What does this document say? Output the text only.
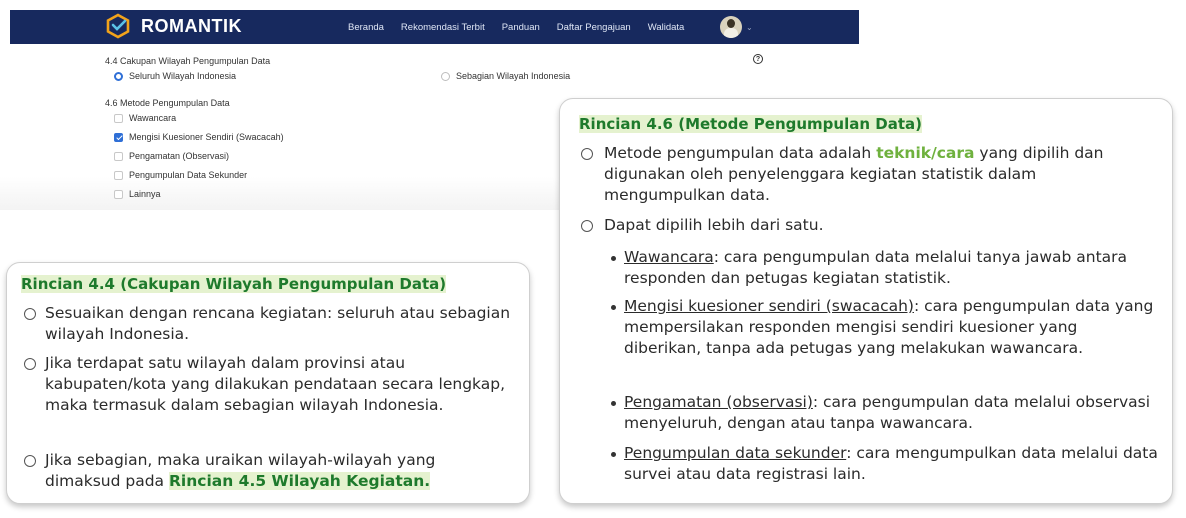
ROMANTIK	Beranda Rekomendasi Terbit Panduan Daftar Pengajuan Walidata	⌄
4.4 Cakupan Wilayah Pengumpulan Data	?
Seluruh Wilayah Indonesia	Sebagian Wilayah Indonesia
4.6 Metode Pengumpulan Data
Wawancara
Mengisi Kuesioner Sendiri (Swacacah)
Pengamatan (Observasi)
Pengumpulan Data Sekunder
Lainnya
Rincian 4.4 (Cakupan Wilayah Pengumpulan Data)
Sesuaikan dengan rencana kegiatan: seluruh atau sebagian wilayah Indonesia.
Jika terdapat satu wilayah dalam provinsi atau kabupaten/kota yang dilakukan pendataan secara lengkap, maka termasuk dalam sebagian wilayah Indonesia.
Jika sebagian, maka uraikan wilayah-wilayah yang dimaksud pada Rincian 4.5 Wilayah Kegiatan.
Rincian 4.6 (Metode Pengumpulan Data)
Metode pengumpulan data adalah teknik/cara yang dipilih dan digunakan oleh penyelenggara kegiatan statistik dalam mengumpulkan data.
Dapat dipilih lebih dari satu.
Wawancara: cara pengumpulan data melalui tanya jawab antara responden dan petugas kegiatan statistik.
Mengisi kuesioner sendiri (swacacah): cara pengumpulan data yang mempersilakan responden mengisi sendiri kuesioner yang diberikan, tanpa ada petugas yang melakukan wawancara.
Pengamatan (observasi): cara pengumpulan data melalui observasi menyeluruh, dengan atau tanpa wawancara.
Pengumpulan data sekunder: cara mengumpulkan data melalui data survei atau data registrasi lain.
